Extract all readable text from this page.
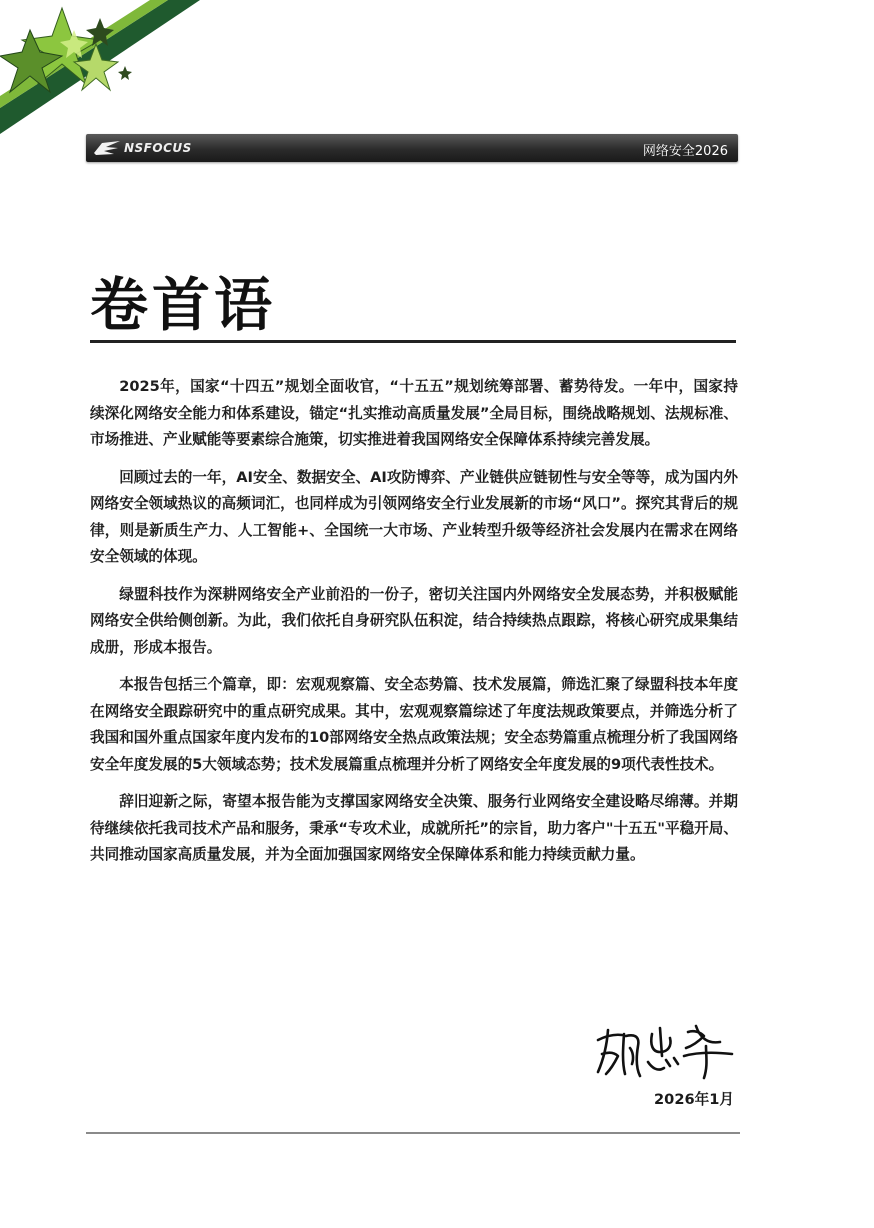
NSFOCUS	网络安全2026
卷首语

2025年，国家“十四五”规划全面收官，“十五五”规划统筹部署、蓄势待发。一年中，国家持续深化网络安全能力和体系建设，锚定“扎实推动高质量发展”全局目标，围绕战略规划、法规标准、市场推进、产业赋能等要素综合施策，切实推进着我国网络安全保障体系持续完善发展。

回顾过去的一年，AI安全、数据安全、AI攻防博弈、产业链供应链韧性与安全等等，成为国内外网络安全领域热议的高频词汇，也同样成为引领网络安全行业发展新的市场“风口”。探究其背后的规律，则是新质生产力、人工智能+、全国统一大市场、产业转型升级等经济社会发展内在需求在网络安全领域的体现。

绿盟科技作为深耕网络安全产业前沿的一份子，密切关注国内外网络安全发展态势，并积极赋能网络安全供给侧创新。为此，我们依托自身研究队伍积淀，结合持续热点跟踪，将核心研究成果集结成册，形成本报告。

本报告包括三个篇章，即：宏观观察篇、安全态势篇、技术发展篇，筛选汇聚了绿盟科技本年度在网络安全跟踪研究中的重点研究成果。其中，宏观观察篇综述了年度法规政策要点，并筛选分析了我国和国外重点国家年度内发布的10部网络安全热点政策法规；安全态势篇重点梳理分析了我国网络安全年度发展的5大领域态势；技术发展篇重点梳理并分析了网络安全年度发展的9项代表性技术。

辞旧迎新之际，寄望本报告能为支撑国家网络安全决策、服务行业网络安全建设略尽绵薄。并期待继续依托我司技术产品和服务，秉承“专攻术业，成就所托”的宗旨，助力客户"十五五"平稳开局、共同推动国家高质量发展，并为全面加强国家网络安全保障体系和能力持续贡献力量。

2026年1月
